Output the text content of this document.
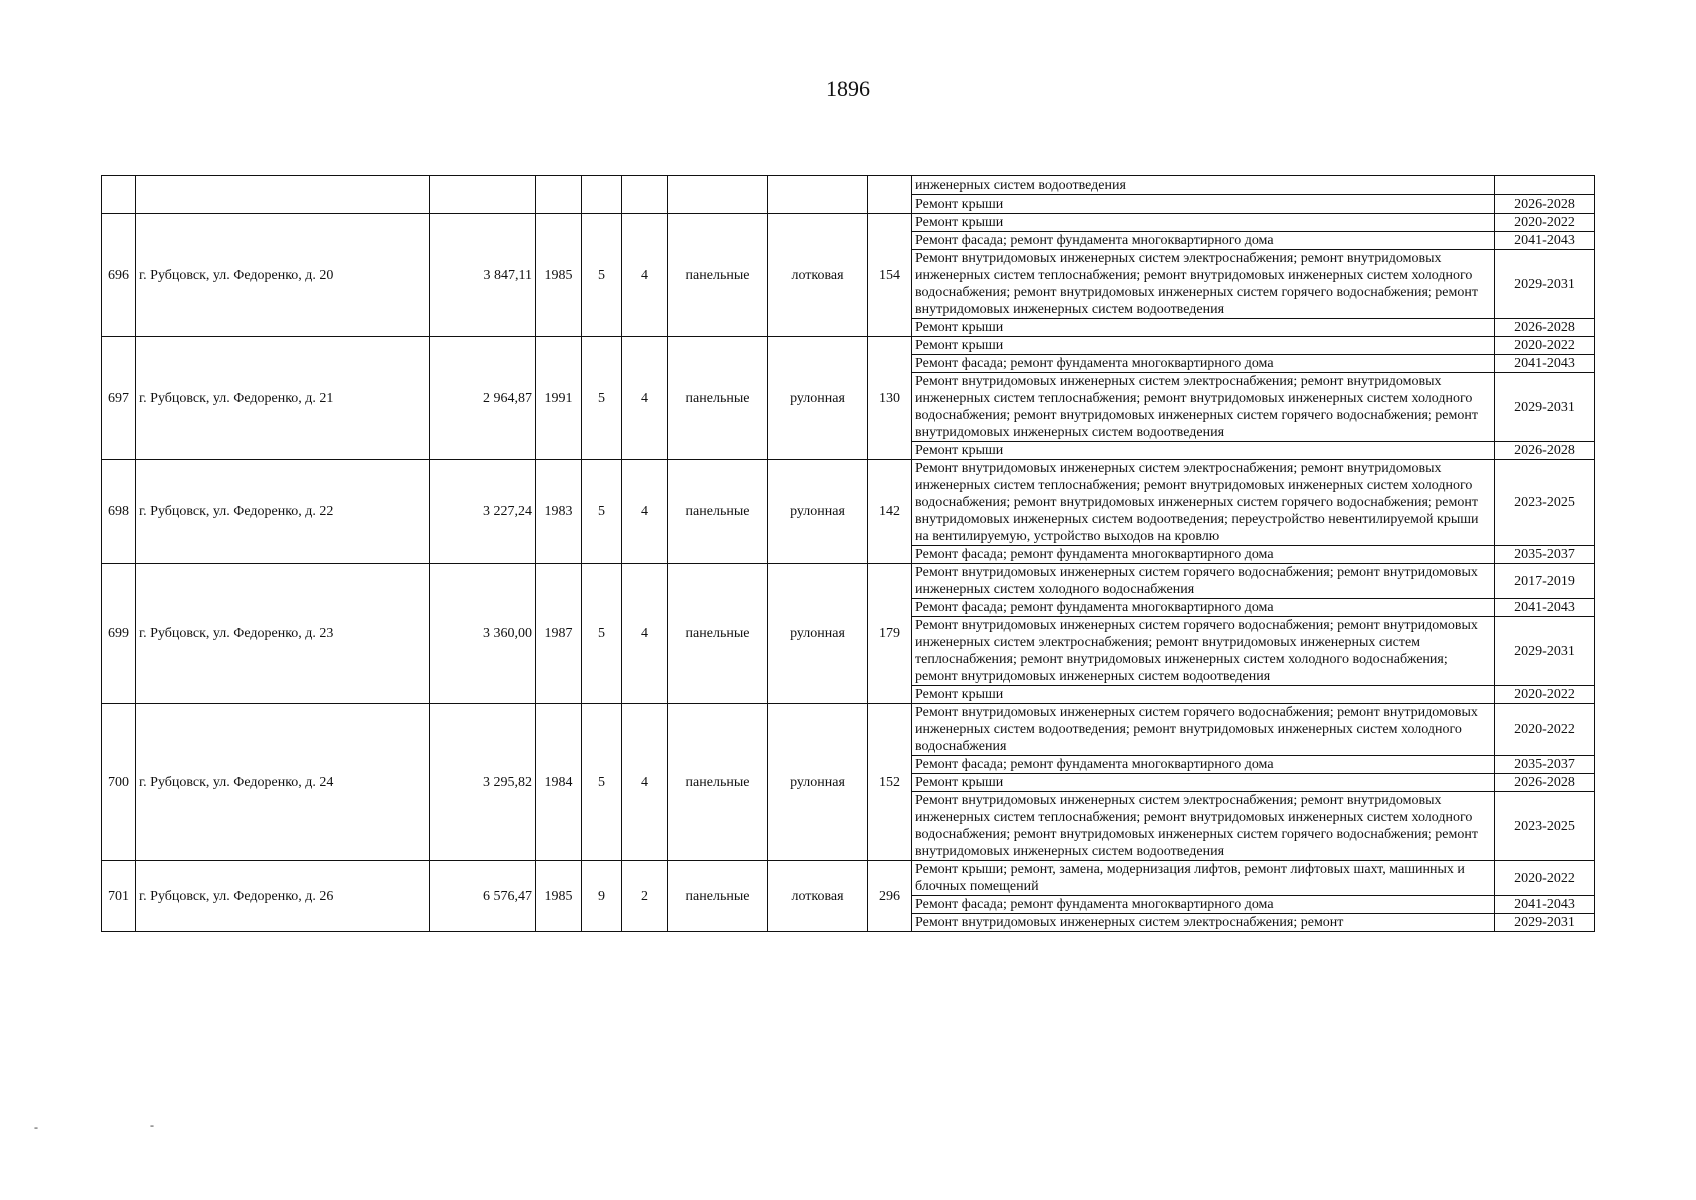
1896
-	-
									инженерных систем водоотведения	
									Ремонт крыши	2026-2028
696	г. Рубцовск, ул. Федоренко, д. 20	3 847,11	1985	5	4	панельные	лотковая	154	Ремонт крыши	2020-2022
									Ремонт фасада; ремонт фундамента многоквартирного дома	2041-2043
									Ремонт внутридомовых инженерных систем электроснабжения; ремонт внутридомовых инженерных систем теплоснабжения; ремонт внутридомовых инженерных систем холодного водоснабжения; ремонт внутридомовых инженерных систем горячего водоснабжения; ремонт внутридомовых инженерных систем водоотведения	2029-2031
									Ремонт крыши	2026-2028
697	г. Рубцовск, ул. Федоренко, д. 21	2 964,87	1991	5	4	панельные	рулонная	130	Ремонт крыши	2020-2022
									Ремонт фасада; ремонт фундамента многоквартирного дома	2041-2043
									Ремонт внутридомовых инженерных систем электроснабжения; ремонт внутридомовых инженерных систем теплоснабжения; ремонт внутридомовых инженерных систем холодного водоснабжения; ремонт внутридомовых инженерных систем горячего водоснабжения; ремонт внутридомовых инженерных систем водоотведения	2029-2031
									Ремонт крыши	2026-2028
698	г. Рубцовск, ул. Федоренко, д. 22	3 227,24	1983	5	4	панельные	рулонная	142	Ремонт внутридомовых инженерных систем электроснабжения; ремонт внутридомовых инженерных систем теплоснабжения; ремонт внутридомовых инженерных систем холодного водоснабжения; ремонт внутридомовых инженерных систем горячего водоснабжения; ремонт внутридомовых инженерных систем водоотведения; переустройство невентилируемой крыши на вентилируемую, устройство выходов на кровлю	2023-2025
									Ремонт фасада; ремонт фундамента многоквартирного дома	2035-2037
699	г. Рубцовск, ул. Федоренко, д. 23	3 360,00	1987	5	4	панельные	рулонная	179	Ремонт внутридомовых инженерных систем горячего водоснабжения; ремонт внутридомовых инженерных систем холодного водоснабжения	2017-2019
									Ремонт фасада; ремонт фундамента многоквартирного дома	2041-2043
									Ремонт внутридомовых инженерных систем горячего водоснабжения; ремонт внутридомовых инженерных систем электроснабжения; ремонт внутридомовых инженерных систем теплоснабжения; ремонт внутридомовых инженерных систем холодного водоснабжения; ремонт внутридомовых инженерных систем водоотведения	2029-2031
									Ремонт крыши	2020-2022
700	г. Рубцовск, ул. Федоренко, д. 24	3 295,82	1984	5	4	панельные	рулонная	152	Ремонт внутридомовых инженерных систем горячего водоснабжения; ремонт внутридомовых инженерных систем водоотведения; ремонт внутридомовых инженерных систем холодного водоснабжения	2020-2022
									Ремонт фасада; ремонт фундамента многоквартирного дома	2035-2037
									Ремонт крыши	2026-2028
									Ремонт внутридомовых инженерных систем электроснабжения; ремонт внутридомовых инженерных систем теплоснабжения; ремонт внутридомовых инженерных систем холодного водоснабжения; ремонт внутридомовых инженерных систем горячего водоснабжения; ремонт внутридомовых инженерных систем водоотведения	2023-2025
701	г. Рубцовск, ул. Федоренко, д. 26	6 576,47	1985	9	2	панельные	лотковая	296	Ремонт крыши; ремонт, замена, модернизация лифтов, ремонт лифтовых шахт, машинных и блочных помещений	2020-2022
									Ремонт фасада; ремонт фундамента многоквартирного дома	2041-2043
									Ремонт внутридомовых инженерных систем электроснабжения; ремонт	2029-2031
